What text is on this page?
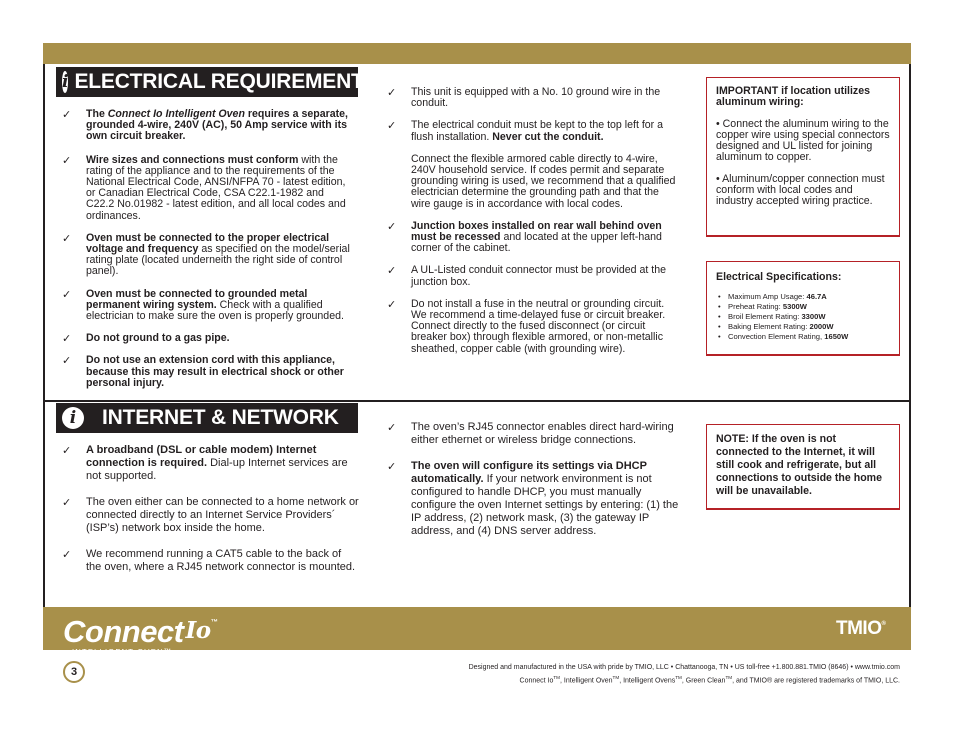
i ELECTRICAL REQUIREMENTS
✓ The Connect Io Intelligent Oven requires a separate, grounded 4-wire, 240V (AC), 50 Amp service with its own circuit breaker.
✓ Wire sizes and connections must conform with the rating of the appliance and to the requirements of the National Electrical Code, ANSI/NFPA 70 - latest edition, or Canadian Electrical Code, CSA C22.1-1982 and C22.2 No.01982 - latest edition, and all local codes and ordinances.
✓ Oven must be connected to the proper electrical voltage and frequency as specified on the model/serial rating plate (located underneith the right side of control panel).
✓ Oven must be connected to grounded metal permanent wiring system. Check with a qualified electrician to make sure the oven is properly grounded.
✓ Do not ground to a gas pipe.
✓ Do not use an extension cord with this appliance, because this may result in electrical shock or other personal injury.
✓ This unit is equipped with a No. 10 ground wire in the conduit.
✓ The electrical conduit must be kept to the top left for a flush installation. Never cut the conduit.
Connect the flexible armored cable directly to 4-wire, 240V household service. If codes permit and separate grounding wiring is used, we recommend that a qualified electrician determine the grounding path and that the wire gauge is in accordance with local codes.
✓ Junction boxes installed on rear wall behind oven must be recessed and located at the upper left-hand corner of the cabinet.
✓ A UL-Listed conduit connector must be provided at the junction box.
✓ Do not install a fuse in the neutral or grounding circuit. We recommend a time-delayed fuse or circuit breaker. Connect directly to the fused disconnect (or circuit breaker box) through flexible armored, or non-metallic sheathed, copper cable (with grounding wire).
IMPORTANT if location utilizes aluminum wiring:

• Connect the aluminum wiring to the copper wire using special connectors designed and UL listed for joining aluminum to copper.

• Aluminum/copper connection must conform with local codes and industry accepted wiring practice.

Electrical Specifications:
• Maximum Amp Usage: 46.7A
• Preheat Rating: 5300W
• Broil Element Rating: 3300W
• Baking Element Rating: 2000W
• Convection Element Rating, 1650W
i	INTERNET & NETWORK
✓ A broadband (DSL or cable modem) Internet connection is required. Dial-up Internet services are not supported.
✓ The oven either can be connected to a home network or connected directly to an Internet Service Providers´ (ISP’s) network box inside the home.
✓ We recommend running a CAT5 cable to the back of the oven, where a RJ45 network connector is mounted.
✓ The oven’s RJ45 connector enables direct hard-wiring either ethernet or wireless bridge connections.
✓ The oven will configure its settings via DHCP automatically. If your network environment is not configured to handle DHCP, you must manually configure the oven Internet settings by entering: (1) the IP address, (2) network mask, (3) the gateway IP address, and (4) DNS server address.

NOTE: If the oven is not connected to the Internet, it will still cook and refrigerate, but all connections to outside the home will be unavailable.

ConnectIo™
INTELLIGENT OVEN™
TMIO®
3	Designed and manufactured in the USA with pride by TMIO, LLC • Chattanooga, TN • US toll-free +1.800.881.TMIO (8646) • www.tmio.com
Connect Io™, Intelligent Oven™, Intelligent Ovens™, Green Clean™, and TMIO® are registered trademarks of TMIO, LLC.
